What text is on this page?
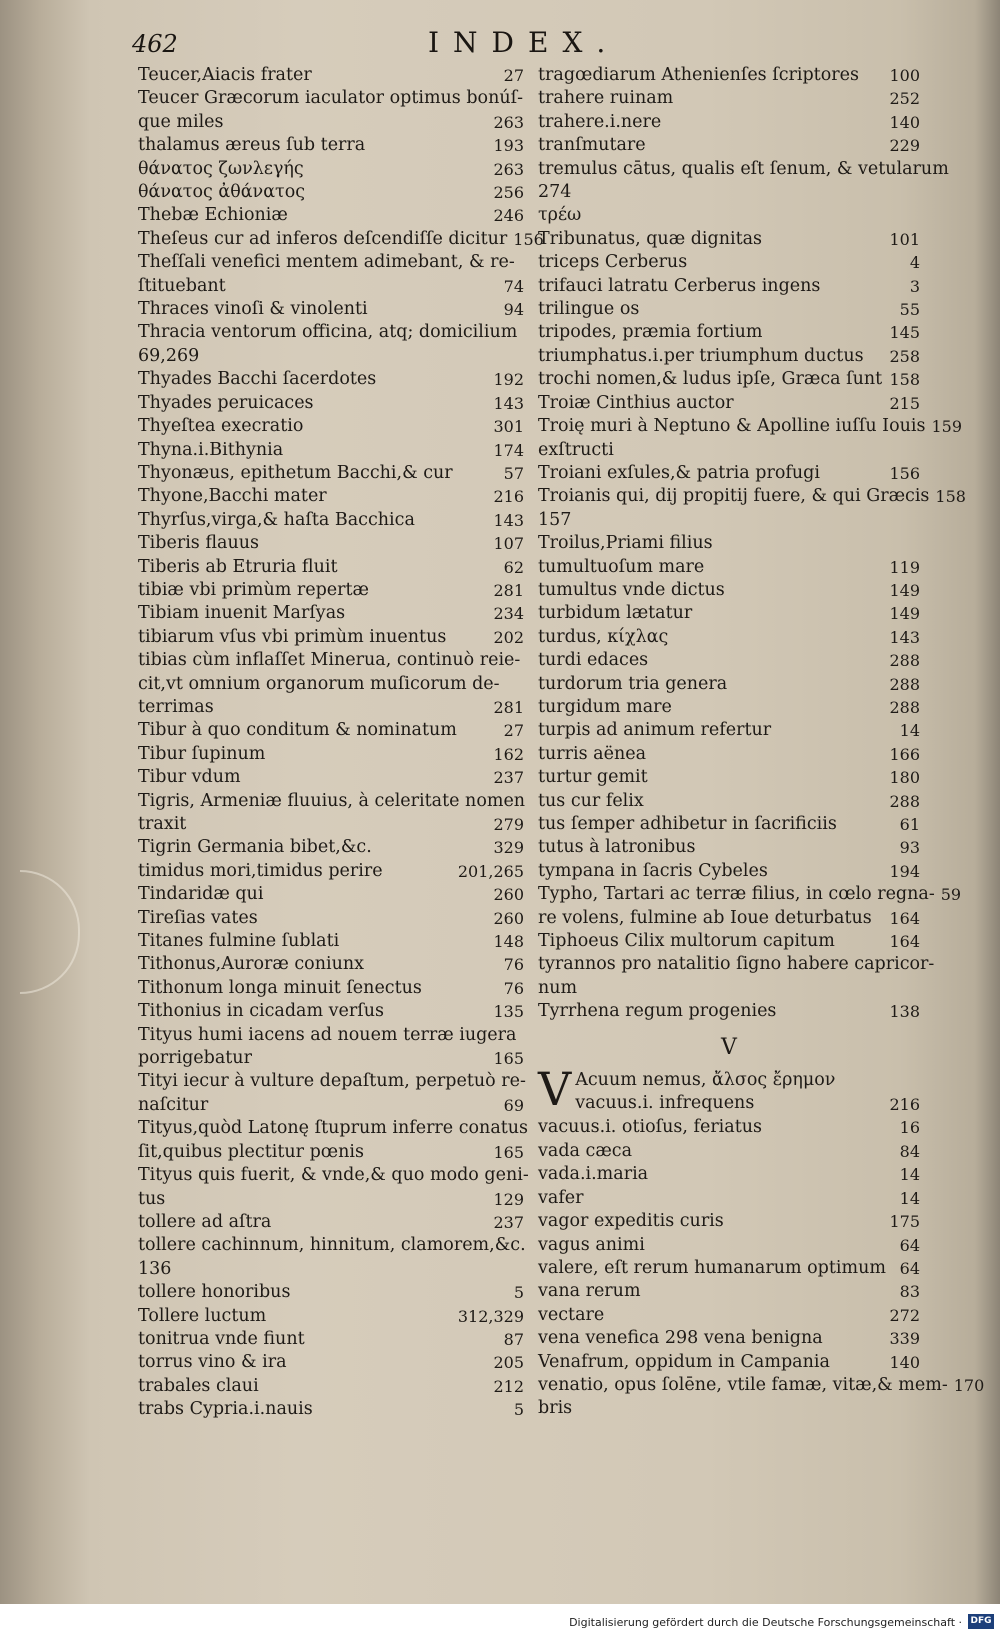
462	INDEX.
Teucer,Aiacis frater	27
Teucer Græcorum iaculator optimus bonúſ-
que miles	263
thalamus æreus ſub terra	193
θάνατος ζωνλεγής	263
θάνατος ἀθάνατος	256
Thebæ Echioniæ	246
Theſeus cur ad inferos deſcendiſſe dicitur 156
Theſſali venefici mentem adimebant, & re-
ſtituebant	74
Thraces vinoſi & vinolenti	94
Thracia ventorum officina, atq; domicilium
69,269
Thyades Bacchi ſacerdotes	192
Thyades peruicaces	143
Thyeſtea execratio	301
Thyna.i.Bithynia	174
Thyonæus, epithetum Bacchi,& cur	57
Thyone,Bacchi mater	216
Thyrſus,virga,& haſta Bacchica	143
Tiberis flauus	107
Tiberis ab Etruria fluit	62
tibiæ vbi primùm repertæ	281
Tibiam inuenit Marſyas	234
tibiarum vſus vbi primùm inuentus	202
tibias cùm inflaſſet Minerua, continuò reie-
cit,vt omnium organorum muſicorum de-
terrimas	281
Tibur à quo conditum & nominatum	27
Tibur ſupinum	162
Tibur vdum	237
Tigris, Armeniæ fluuius, à celeritate nomen
traxit	279
Tigrin Germania bibet,&c.	329
timidus mori,timidus perire	201,265
Tindaridæ qui	260
Tireſias vates	260
Titanes fulmine ſublati	148
Tithonus,Auroræ coniunx	76
Tithonum longa minuit ſenectus	76
Tithonius in cicadam verſus	135
Tityus humi iacens ad nouem terræ iugera
porrigebatur	165
Tityi iecur à vulture depaſtum, perpetuò re-
naſcitur	69
Tityus,quòd Latonę ſtuprum inferre conatus
ſit,quibus plectitur pœnis	165
Tityus quis fuerit, & vnde,& quo modo geni-
tus	129
tollere ad aſtra	237
tollere cachinnum, hinnitum, clamorem,&c.
136
tollere honoribus	5
Tollere luctum	312,329
tonitrua vnde fiunt	87
torrus vino & ira	205
trabales claui	212
trabs Cypria.i.nauis	5
tragœdiarum Athenienſes ſcriptores	100
trahere ruinam	252
trahere.i.nere	140
tranſmutare	229
tremulus cātus, qualis eſt ſenum, & vetularum
274
τρέω
Tribunatus, quæ dignitas	101
triceps Cerberus	4
trifauci latratu Cerberus ingens	3
trilingue os	55
tripodes, præmia fortium	145
triumphatus.i.per triumphum ductus	258
trochi nomen,& ludus ipſe, Græca ſunt 158
Troiæ Cinthius auctor	215
Troię muri à Neptuno & Apolline iuſſu Iouis 159
exſtructi
Troiani exſules,& patria profugi	156
Troianis qui, dij propitij fuere, & qui Græcis 158
157
Troilus,Priami filius
tumultuoſum mare	119
tumultus vnde dictus	149
turbidum lætatur	149
turdus, κίχλας	143
turdi edaces	288
turdorum tria genera	288
turgidum mare	288
turpis ad animum refertur	14
turris aënea	166
turtur gemit	180
tus cur felix	288
tus ſemper adhibetur in ſacrificiis	61
tutus à latronibus	93
tympana in ſacris Cybeles	194
Typho, Tartari ac terræ filius, in cœlo regna- 59
re volens, fulmine ab Ioue deturbatus	164
Tiphoeus Cilix multorum capitum	164
tyrannos pro natalitio ſigno habere capricor-
num
Tyrrhena regum progenies	138
V
V Acuum nemus, ἄλσος ἔρημον
vacuus.i. infrequens	216
vacuus.i. otioſus, feriatus	16
vada cæca	84
vada.i.maria	14
vafer	14
vagor expeditis curis	175
vagus animi	64
valere, eſt rerum humanarum optimum 64
vana rerum	83
vectare	272
vena venefica 298 vena benigna	339
Venafrum, oppidum in Campania	140
venatio, opus ſolēne, vtile famæ, vitæ,& mem- 170
bris
Digitalisierung gefördert durch die Deutsche Forschungsgemeinschaft · DFG
